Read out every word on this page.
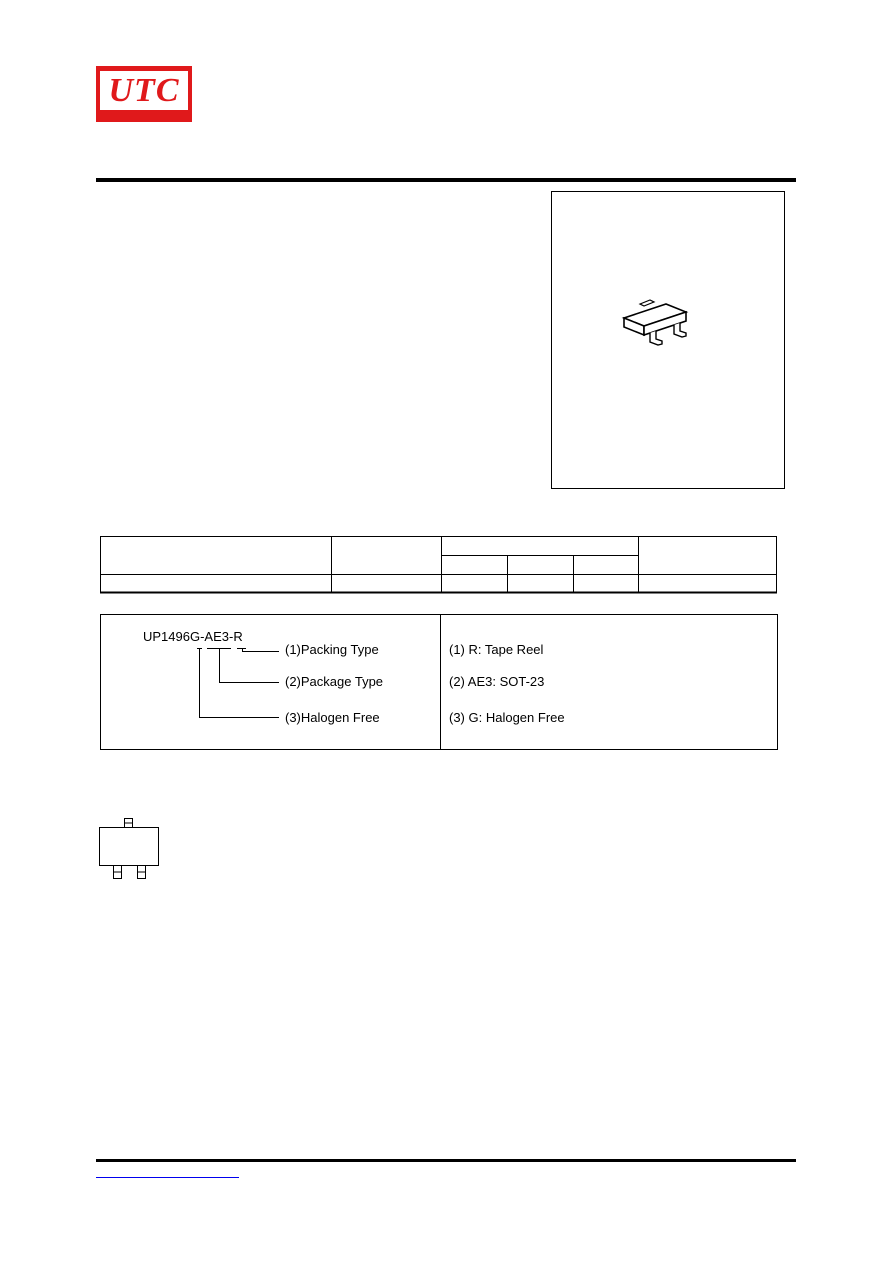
UTC
UP1496G-AE3-R
(1)Packing Type
(2)Package Type
(3)Halogen Free
(1) R: Tape Reel
(2) AE3: SOT-23
(3) G: Halogen Free
